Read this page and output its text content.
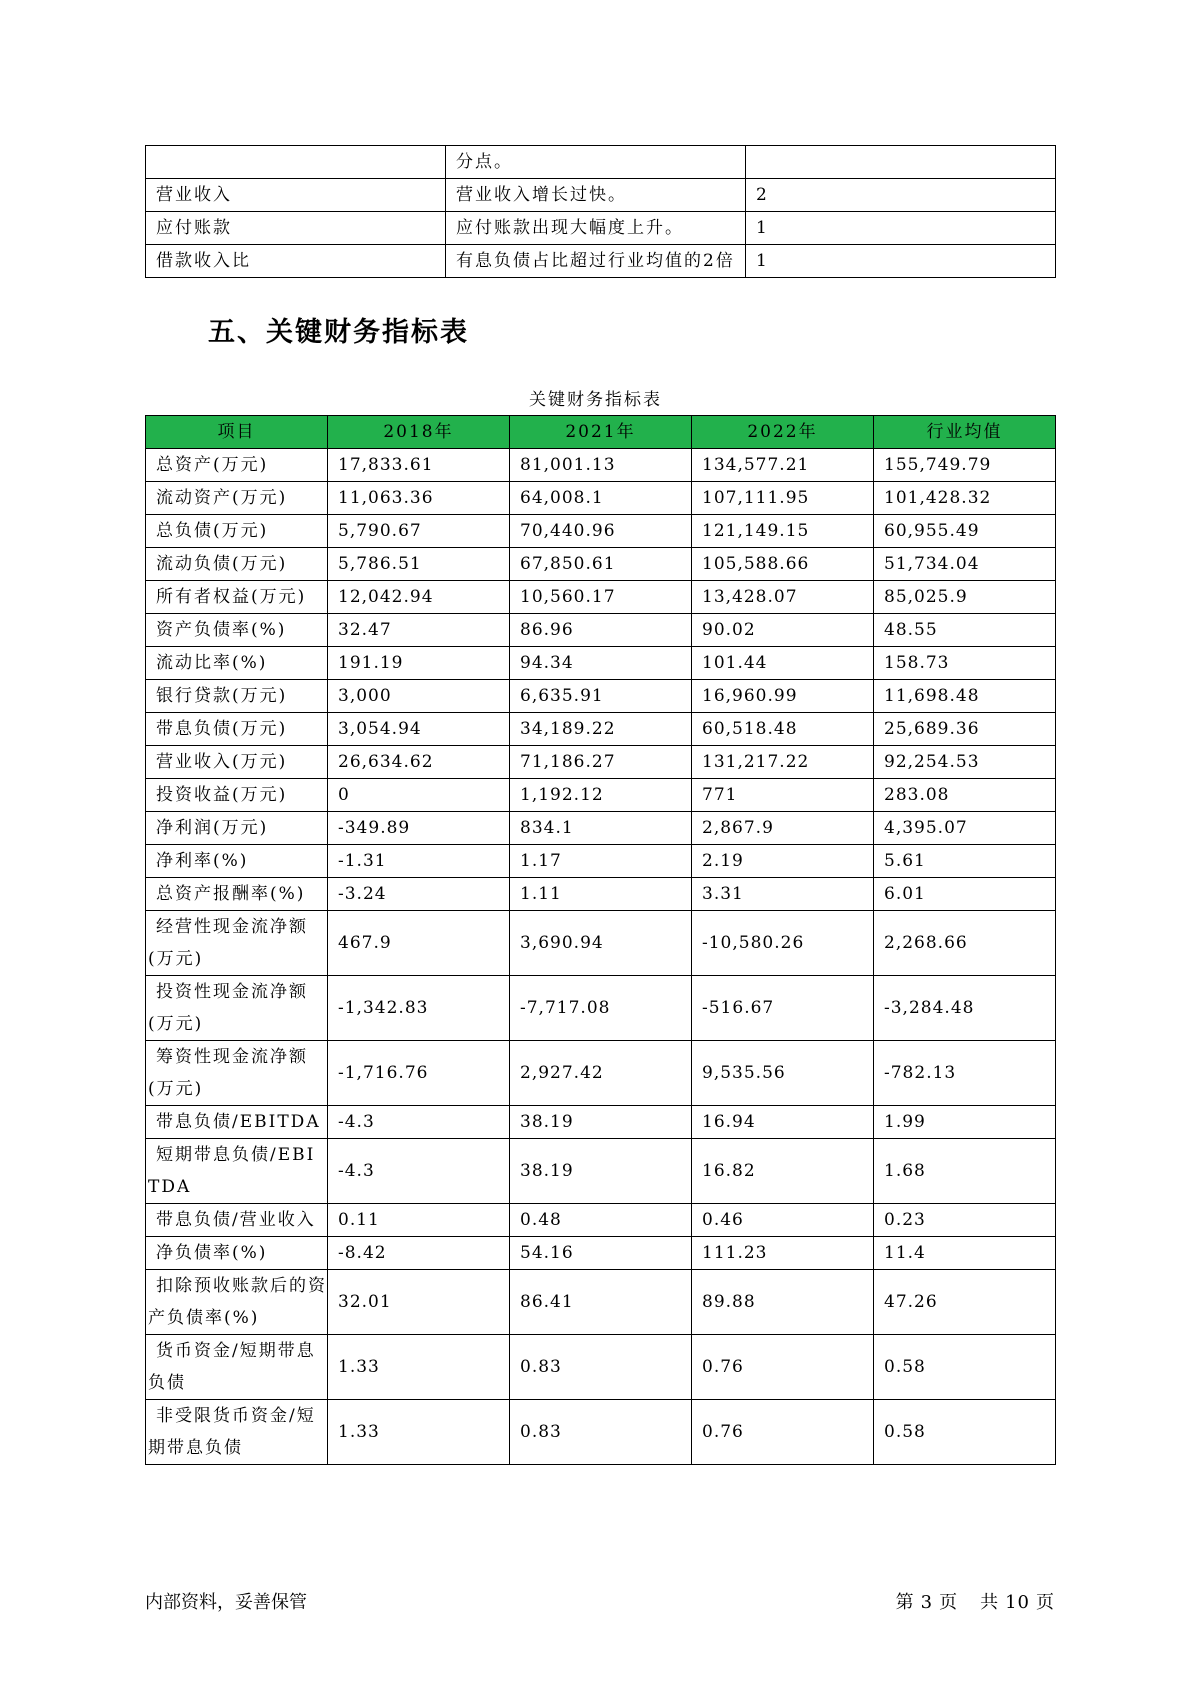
	分点。	
营业收入	营业收入增长过快。	2
应付账款	应付账款出现大幅度上升。	1
借款收入比	有息负债占比超过行业均值的2倍	1
五、关键财务指标表
关键财务指标表
项目	2018年	2021年	2022年	行业均值
总资产(万元)	17,833.61	81,001.13	134,577.21	155,749.79
流动资产(万元)	11,063.36	64,008.1	107,111.95	101,428.32
总负债(万元)	5,790.67	70,440.96	121,149.15	60,955.49
流动负债(万元)	5,786.51	67,850.61	105,588.66	51,734.04
所有者权益(万元)	12,042.94	10,560.17	13,428.07	85,025.9
资产负债率(%)	32.47	86.96	90.02	48.55
流动比率(%)	191.19	94.34	101.44	158.73
银行贷款(万元)	3,000	6,635.91	16,960.99	11,698.48
带息负债(万元)	3,054.94	34,189.22	60,518.48	25,689.36
营业收入(万元)	26,634.62	71,186.27	131,217.22	92,254.53
投资收益(万元)	0	1,192.12	771	283.08
净利润(万元)	-349.89	834.1	2,867.9	4,395.07
净利率(%)	-1.31	1.17	2.19	5.61
总资产报酬率(%)	-3.24	1.11	3.31	6.01
经营性现金流净额(万元)	467.9	3,690.94	-10,580.26	2,268.66
投资性现金流净额(万元)	-1,342.83	-7,717.08	-516.67	-3,284.48
筹资性现金流净额(万元)	-1,716.76	2,927.42	9,535.56	-782.13
带息负债/EBITDA	-4.3	38.19	16.94	1.99
短期带息负债/EBITDA	-4.3	38.19	16.82	1.68
带息负债/营业收入	0.11	0.48	0.46	0.23
净负债率(%)	-8.42	54.16	111.23	11.4
扣除预收账款后的资产负债率(%)	32.01	86.41	89.88	47.26
货币资金/短期带息负债	1.33	0.83	0.76	0.58
非受限货币资金/短期带息负债	1.33	0.83	0.76	0.58
内部资料，妥善保管	第 3 页 共 10 页
